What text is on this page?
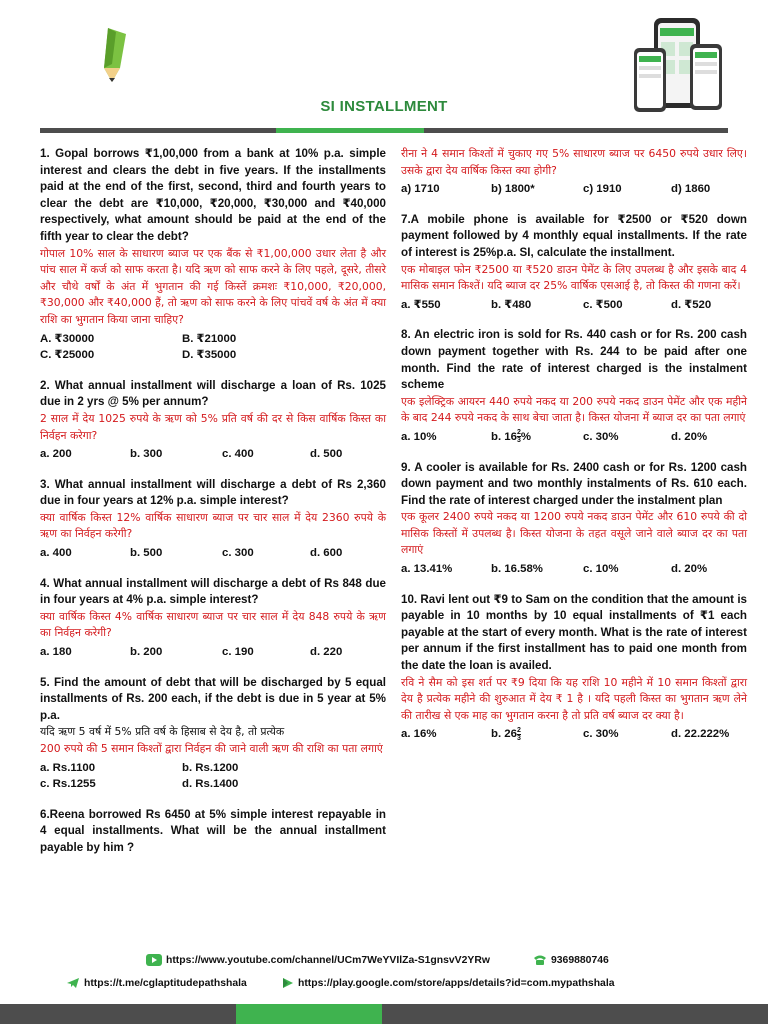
SI INSTALLMENT

1. Gopal borrows ₹1,00,000 from a bank at 10% p.a. simple interest and clears the debt in five years. If the installments paid at the end of the first, second, third and fourth years to clear the debt are ₹10,000, ₹20,000, ₹30,000 and ₹40,000 respectively, what amount should be paid at the end of the fifth year to clear the debt?

गोपाल 10% साल के साधारण ब्याज पर एक बैंक से ₹1,00,000 उधार लेता है और पांच साल में कर्ज को साफ करता है। यदि ऋण को साफ करने के लिए पहले, दूसरे, तीसरे और चौथे वर्षों के अंत में भुगतान की गई किस्तें क्रमशः ₹10,000, ₹20,000, ₹30,000 और ₹40,000 हैं, तो ऋण को साफ करने के लिए पांचवें वर्ष के अंत में क्या राशि का भुगतान किया जाना चाहिए?

A. ₹30000	B. ₹21000
C. ₹25000	D. ₹35000

2. What annual installment will discharge a loan of Rs. 1025 due in 2 yrs @ 5% per annum?

2 साल में देय 1025 रुपये के ऋण को 5% प्रति वर्ष की दर से किस वार्षिक किस्त का निर्वहन करेगा?

a. 200	b. 300	c. 400	d. 500

3. What annual installment will discharge a debt of Rs 2,360 due in four years at 12% p.a. simple interest?

क्या वार्षिक किस्त 12% वार्षिक साधारण ब्याज पर चार साल में देय 2360 रुपये के ऋण का निर्वहन करेगी?

a. 400	b. 500	c. 300	d. 600

4. What annual installment will discharge a debt of Rs 848 due in four years at 4% p.a. simple interest?

क्या वार्षिक किस्त 4% वार्षिक साधारण ब्याज पर चार साल में देय 848 रुपये के ऋण का निर्वहन करेगी?

a. 180	b. 200	c. 190	d. 220

5. Find the amount of debt that will be discharged by 5 equal installments of Rs. 200 each, if the debt is due in 5 year at 5% p.a.

यदि ऋण 5 वर्ष में 5% प्रति वर्ष के हिसाब से देय है, तो प्रत्येक

200 रुपये की 5 समान किश्तों द्वारा निर्वहन की जाने वाली ऋण की राशि का पता लगाएं

a. Rs.1100	b. Rs.1200
c. Rs.1255	d. Rs.1400

6.Reena borrowed Rs 6450 at 5% simple interest repayable in 4 equal installments. What will be the annual installment payable by him ?

रीना ने 4 समान किश्तों में चुकाए गए 5% साधारण ब्याज पर 6450 रुपये उधार लिए। उसके द्वारा देय वार्षिक किस्त क्या होगी?

a) 1710	b) 1800*	c) 1910	d) 1860

7.A mobile phone is available for ₹2500 or ₹520 down payment followed by 4 monthly equal installments. If the rate of interest is 25%p.a. SI, calculate the installment.

एक मोबाइल फोन ₹2500 या ₹520 डाउन पेमेंट के लिए उपलब्ध है और इसके बाद 4 मासिक समान किश्तें। यदि ब्याज दर 25% वार्षिक एसआई है, तो किस्त की गणना करें।

a. ₹550	b. ₹480	c. ₹500	d. ₹520

8. An electric iron is sold for Rs. 440 cash or for Rs. 200 cash down payment together with Rs. 244 to be paid after one month. Find the rate of interest charged is the instalment scheme

एक इलेक्ट्रिक आयरन 440 रुपये नकद या 200 रुपये नकद डाउन पेमेंट और एक महीने के बाद 244 रुपये नकद के साथ बेचा जाता है। किस्त योजना में ब्याज दर का पता लगाएं

a. 10%	b. $16 \frac{2}{3}$ %	c. 30%	d. 20%

9. A cooler is available for Rs. 2400 cash or for Rs. 1200 cash down payment and two monthly instalments of Rs. 610 each. Find the rate of interest charged under the instalment plan

एक कूलर 2400 रुपये नकद या 1200 रुपये नकद डाउन पेमेंट और 610 रुपये की दो मासिक किस्तों में उपलब्ध है। किस्त योजना के तहत वसूले जाने वाले ब्याज दर का पता लगाएं

a. 13.41%	b. 16.58%	c. 10%	d. 20%

10. Ravi lent out ₹9 to Sam on the condition that the amount is payable in 10 months by 10 equal installments of ₹1 each payable at the start of every month. What is the rate of interest per annum if the first installment has to paid one month from the date the loan is availed.

रवि ने सैम को इस शर्त पर ₹9 दिया कि यह राशि 10 महीने में 10 समान किश्तों द्वारा देय है प्रत्येक महीने की शुरुआत में देय ₹ 1 है । यदि पहली किस्त का भुगतान ऋण लेने की तारीख से एक माह का भुगतान करना है तो प्रति वर्ष ब्याज दर क्या है।

a. 16%	b. $26 \frac{2}{3}$	c. 30%	d. 22.222%
https://www.youtube.com/channel/UCm7WeYVIlZa-S1gnsvV2YRw	9369880746
https://t.me/cglaptitudepathshala	https://play.google.com/store/apps/details?id=com.mypathshala
